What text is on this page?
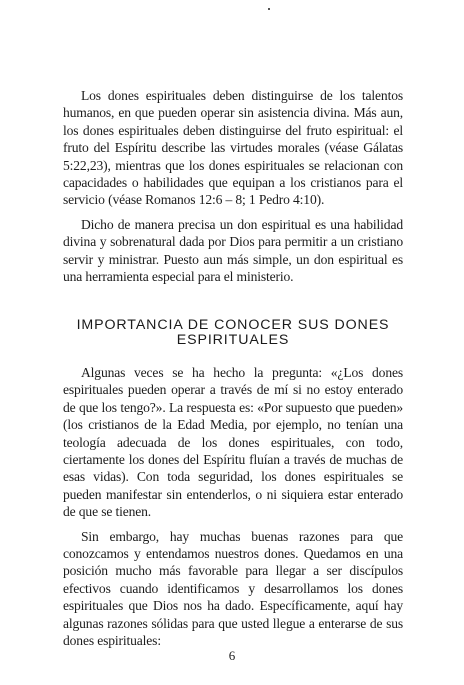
Los dones espirituales deben distinguirse de los talentos humanos, en que pueden operar sin asistencia divina. Más aun, los dones espirituales deben distinguirse del fruto espiritual: el fruto del Espíritu describe las virtudes morales (véase Gálatas 5:22,23), mientras que los dones espirituales se relacionan con capacidades o habilidades que equipan a los cristianos para el servicio (véase Romanos 12:6 – 8; 1 Pedro 4:10).

Dicho de manera precisa un don espiritual es una habilidad divina y sobrenatural dada por Dios para permitir a un cristiano servir y ministrar. Puesto aun más simple, un don espiritual es una herramienta especial para el ministerio.

IMPORTANCIA DE CONOCER SUS DONES ESPIRITUALES

Algunas veces se ha hecho la pregunta: «¿Los dones espirituales pueden operar a través de mí si no estoy enterado de que los tengo?». La respuesta es: «Por supuesto que pueden» (los cristianos de la Edad Media, por ejemplo, no tenían una teología adecuada de los dones espirituales, con todo, ciertamente los dones del Espíritu fluían a través de muchas de esas vidas). Con toda seguridad, los dones espirituales se pueden manifestar sin entenderlos, o ni siquiera estar enterado de que se tienen.

Sin embargo, hay muchas buenas razones para que conozcamos y entendamos nuestros dones. Quedamos en una posición mucho más favorable para llegar a ser discípulos efectivos cuando identificamos y desarrollamos los dones espirituales que Dios nos ha dado. Específicamente, aquí hay algunas razones sólidas para que usted llegue a enterarse de sus dones espirituales:

6
